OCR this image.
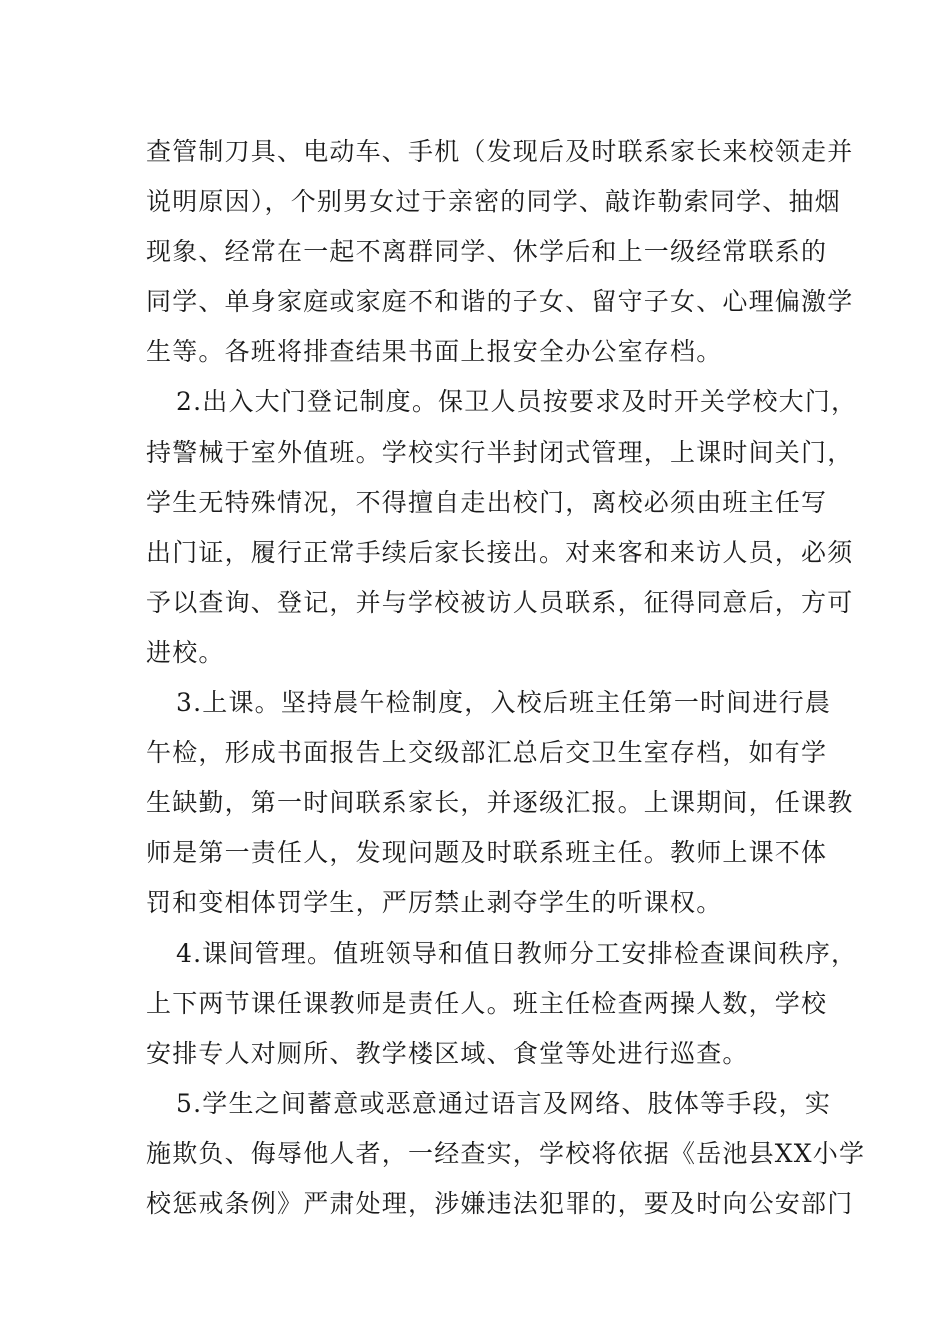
查管制刀具、电动车、手机（发现后及时联系家长来校领走并
说明原因），个别男女过于亲密的同学、敲诈勒索同学、抽烟
现象、经常在一起不离群同学、休学后和上一级经常联系的
同学、单身家庭或家庭不和谐的子女、留守子女、心理偏激学
生等。各班将排查结果书面上报安全办公室存档。
2.出入大门登记制度。保卫人员按要求及时开关学校大门，
持警械于室外值班。学校实行半封闭式管理，上课时间关门，
学生无特殊情况，不得擅自走出校门，离校必须由班主任写
出门证，履行正常手续后家长接出。对来客和来访人员，必须
予以查询、登记，并与学校被访人员联系，征得同意后，方可
进校。
3.上课。坚持晨午检制度，入校后班主任第一时间进行晨
午检，形成书面报告上交级部汇总后交卫生室存档，如有学
生缺勤，第一时间联系家长，并逐级汇报。上课期间，任课教
师是第一责任人，发现问题及时联系班主任。教师上课不体
罚和变相体罚学生，严厉禁止剥夺学生的听课权。
4.课间管理。值班领导和值日教师分工安排检查课间秩序，
上下两节课任课教师是责任人。班主任检查两操人数，学校
安排专人对厕所、教学楼区域、食堂等处进行巡查。
5.学生之间蓄意或恶意通过语言及网络、肢体等手段，实
施欺负、侮辱他人者，一经查实，学校将依据《岳池县XX小学
校惩戒条例》严肃处理，涉嫌违法犯罪的，要及时向公安部门
